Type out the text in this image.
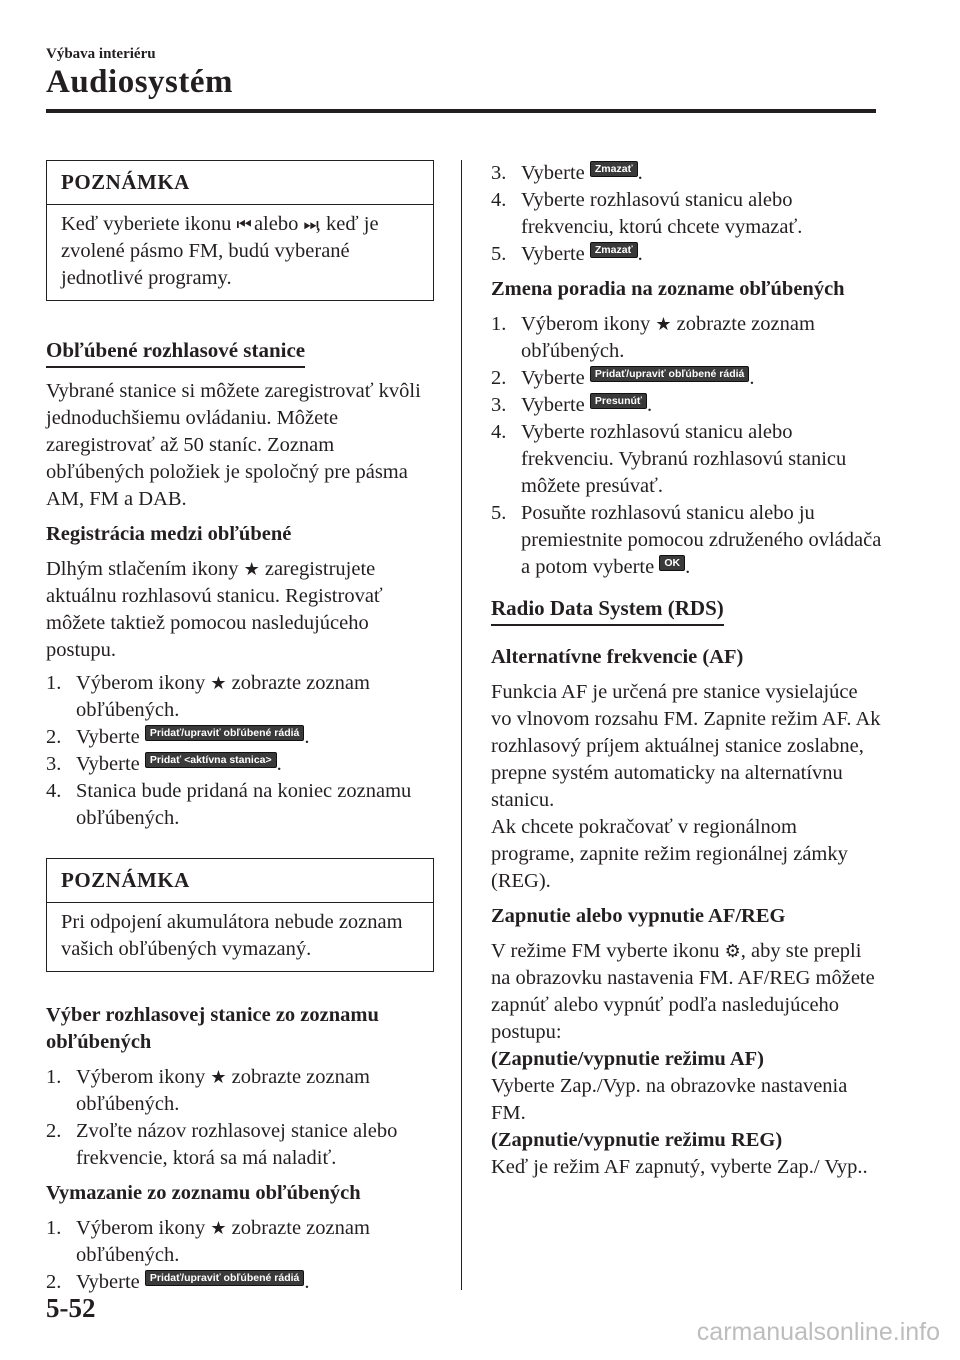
Výbava interiéru
Audiosystém
POZNÁMKA
Keď vyberiete ikonu ⏮ alebo ⏭, keď je zvolené pásmo FM, budú vyberané jednotlivé programy.
Obľúbené rozhlasové stanice

Vybrané stanice si môžete zaregistrovať kvôli jednoduchšiemu ovládaniu. Môžete zaregistrovať až 50 staníc. Zoznam obľúbených položiek je spoločný pre pásma AM, FM a DAB.

Registrácia medzi obľúbené

Dlhým stlačením ikony ★ zaregistrujete aktuálnu rozhlasovú stanicu. Registrovať môžete taktiež pomocou nasledujúceho postupu.

1. Výberom ikony ★ zobrazte zoznam obľúbených.
2. Vyberte Pridať/upraviť obľúbené rádiá .
3. Vyberte Pridať <aktívna stanica> .
4. Stanica bude pridaná na koniec zoznamu obľúbených.
POZNÁMKA
Pri odpojení akumulátora nebude zoznam vašich obľúbených vymazaný.
Výber rozhlasovej stanice zo zoznamu obľúbených
1. Výberom ikony ★ zobrazte zoznam obľúbených.
2. Zvoľte názov rozhlasovej stanice alebo frekvencie, ktorá sa má naladiť.
Vymazanie zo zoznamu obľúbených
1. Výberom ikony ★ zobrazte zoznam obľúbených.
2. Vyberte Pridať/upraviť obľúbené rádiá .
3. Vyberte Zmazať .
4. Vyberte rozhlasovú stanicu alebo frekvenciu, ktorú chcete vymazať.
5. Vyberte Zmazať .
Zmena poradia na zozname obľúbených
1. Výberom ikony ★ zobrazte zoznam obľúbených.
2. Vyberte Pridať/upraviť obľúbené rádiá .
3. Vyberte Presunúť .
4. Vyberte rozhlasovú stanicu alebo frekvenciu. Vybranú rozhlasovú stanicu môžete presúvať.
5. Posuňte rozhlasovú stanicu alebo ju premiestnite pomocou združeného ovládača a potom vyberte OK .
Radio Data System (RDS)
Alternatívne frekvencie (AF)

Funkcia AF je určená pre stanice vysielajúce vo vlnovom rozsahu FM. Zapnite režim AF. Ak rozhlasový príjem aktuálnej stanice zoslabne, prepne systém automaticky na alternatívnu stanicu.

Ak chcete pokračovať v regionálnom programe, zapnite režim regionálnej zámky (REG).

Zapnutie alebo vypnutie AF/REG

V režime FM vyberte ikonu ⚙, aby ste prepli na obrazovku nastavenia FM. AF/REG môžete zapnúť alebo vypnúť podľa nasledujúceho postupu:

(Zapnutie/vypnutie režimu AF)
Vyberte Zap./Vyp. na obrazovke nastavenia FM.
(Zapnutie/vypnutie režimu REG)
Keď je režim AF zapnutý, vyberte Zap./ Vyp..
5-52
carmanualsonline.info
